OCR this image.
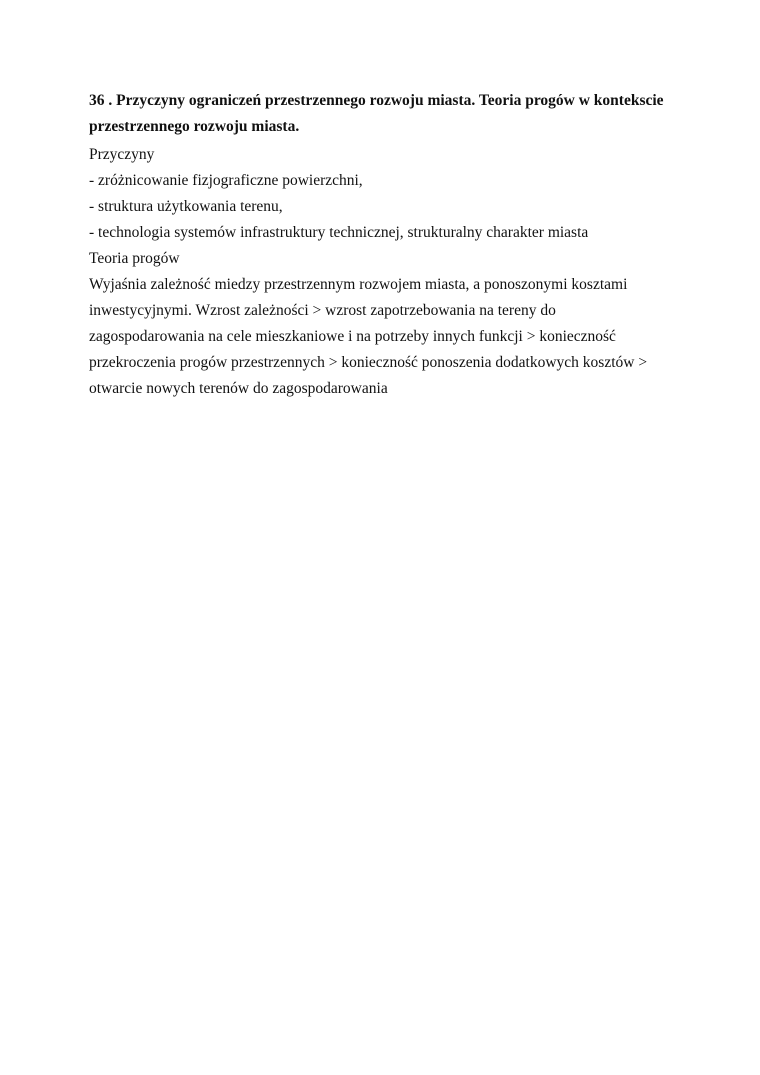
36 . Przyczyny ograniczeń przestrzennego rozwoju miasta. Teoria progów w kontekscie
przestrzennego rozwoju miasta.
Przyczyny
- zróżnicowanie fizjograficzne powierzchni,
- struktura użytkowania terenu,
- technologia systemów infrastruktury technicznej, strukturalny charakter miasta
Teoria progów
Wyjaśnia zależność miedzy przestrzennym rozwojem miasta, a ponoszonymi kosztami
inwestycyjnymi. Wzrost zależności > wzrost zapotrzebowania na tereny do
zagospodarowania na cele mieszkaniowe i na potrzeby innych funkcji > konieczność
przekroczenia progów przestrzennych > konieczność ponoszenia dodatkowych kosztów >
otwarcie nowych terenów do zagospodarowania
